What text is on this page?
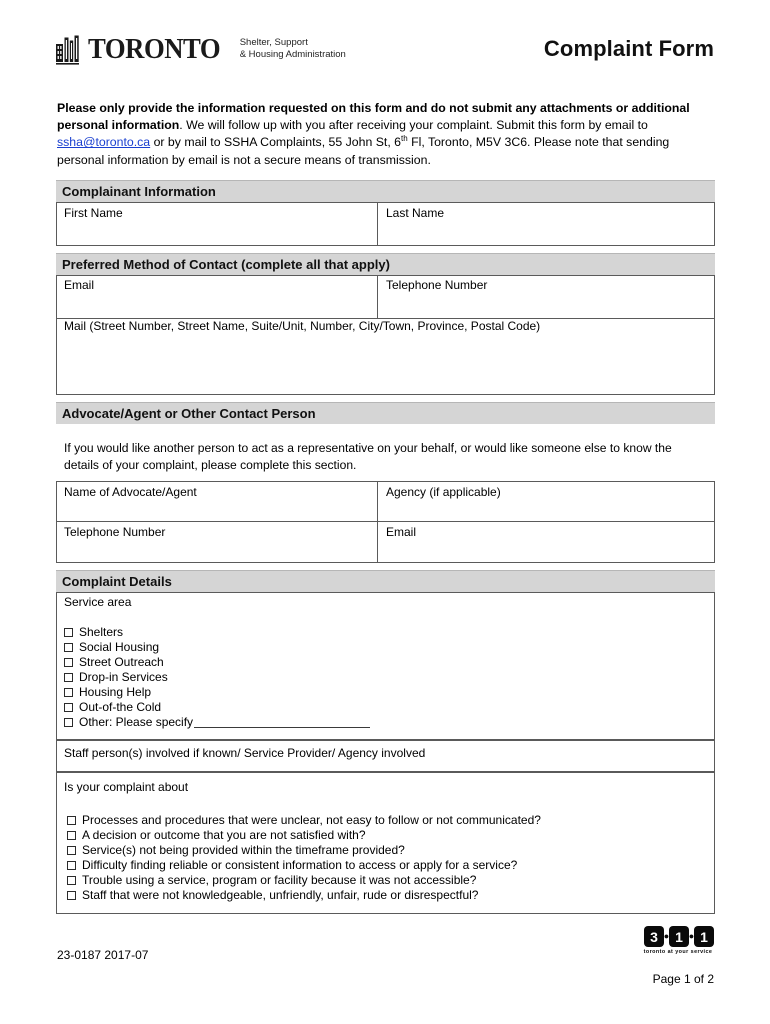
TORONTO Shelter, Support
& Housing Administration	Complaint Form
Please only provide the information requested on this form and do not submit any attachments or additional personal information. We will follow up with you after receiving your complaint. Submit this form by email to ssha@toronto.ca or by mail to SSHA Complaints, 55 John St, 6th Fl, Toronto, M5V 3C6. Please note that sending personal information by email is not a secure means of transmission.
Complainant Information
First Name	Last Name
Preferred Method of Contact (complete all that apply)
Email	Telephone Number
Mail (Street Number, Street Name, Suite/Unit, Number, City/Town, Province, Postal Code)
Advocate/Agent or Other Contact Person
If you would like another person to act as a representative on your behalf, or would like someone else to know the details of your complaint, please complete this section.
Name of Advocate/Agent	Agency (if applicable)
Telephone Number	Email
Complaint Details
Service area
Shelters
Social Housing
Street Outreach
Drop-in Services
Housing Help
Out-of-the Cold
Other: Please specify
Staff person(s) involved if known/ Service Provider/ Agency involved
Is your complaint about
Processes and procedures that were unclear, not easy to follow or not communicated?
A decision or outcome that you are not satisfied with?
Service(s) not being provided within the timeframe provided?
Difficulty finding reliable or consistent information to access or apply for a service?
Trouble using a service, program or facility because it was not accessible?
Staff that were not knowledgeable, unfriendly, unfair, rude or disrespectful?
23-0187 2017-07
3 ● 1 ● 1
toronto at your service
Page 1 of 2
